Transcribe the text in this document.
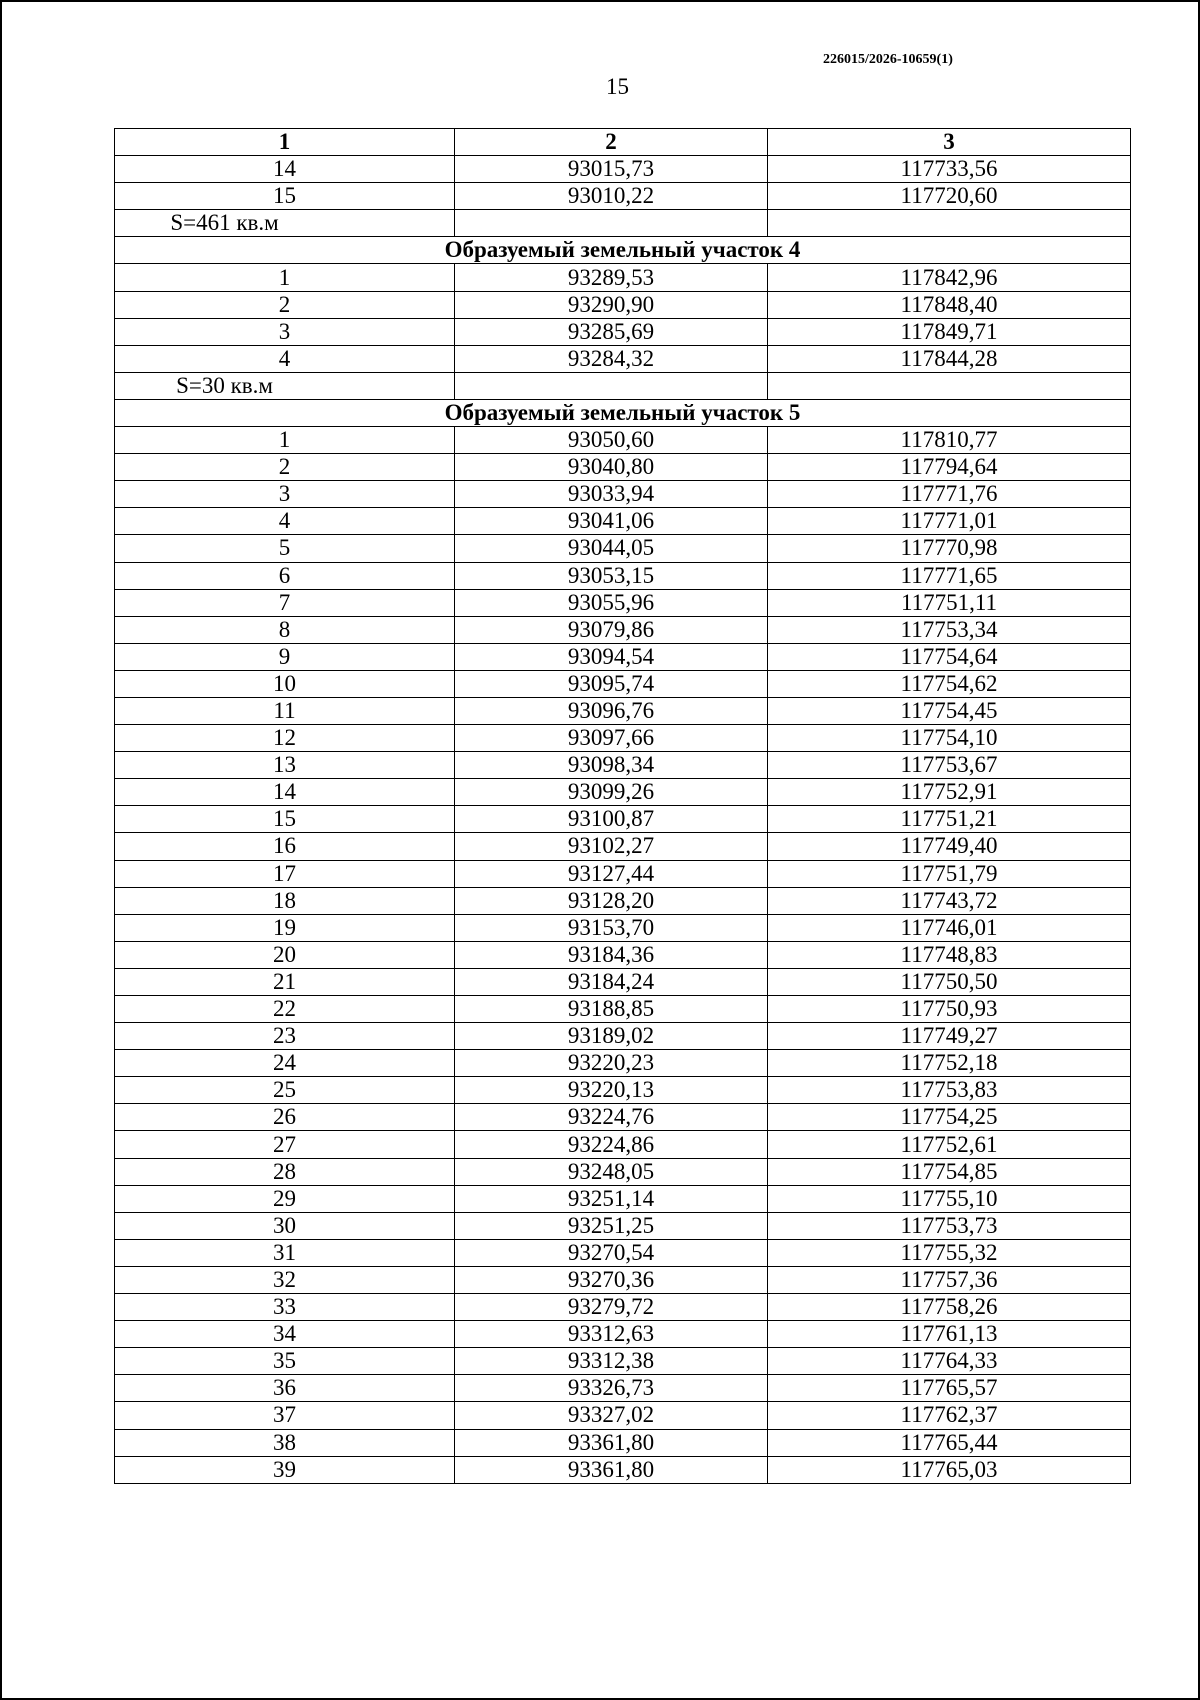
226015/2026-10659(1)
15
1	2	3
14	93015,73	117733,56
15	93010,22	117720,60
S=461 кв.м		
Образуемый земельный участок 4		
1	93289,53	117842,96
2	93290,90	117848,40
3	93285,69	117849,71
4	93284,32	117844,28
S=30 кв.м		
Образуемый земельный участок 5		
1	93050,60	117810,77
2	93040,80	117794,64
3	93033,94	117771,76
4	93041,06	117771,01
5	93044,05	117770,98
6	93053,15	117771,65
7	93055,96	117751,11
8	93079,86	117753,34
9	93094,54	117754,64
10	93095,74	117754,62
11	93096,76	117754,45
12	93097,66	117754,10
13	93098,34	117753,67
14	93099,26	117752,91
15	93100,87	117751,21
16	93102,27	117749,40
17	93127,44	117751,79
18	93128,20	117743,72
19	93153,70	117746,01
20	93184,36	117748,83
21	93184,24	117750,50
22	93188,85	117750,93
23	93189,02	117749,27
24	93220,23	117752,18
25	93220,13	117753,83
26	93224,76	117754,25
27	93224,86	117752,61
28	93248,05	117754,85
29	93251,14	117755,10
30	93251,25	117753,73
31	93270,54	117755,32
32	93270,36	117757,36
33	93279,72	117758,26
34	93312,63	117761,13
35	93312,38	117764,33
36	93326,73	117765,57
37	93327,02	117762,37
38	93361,80	117765,44
39	93361,80	117765,03
